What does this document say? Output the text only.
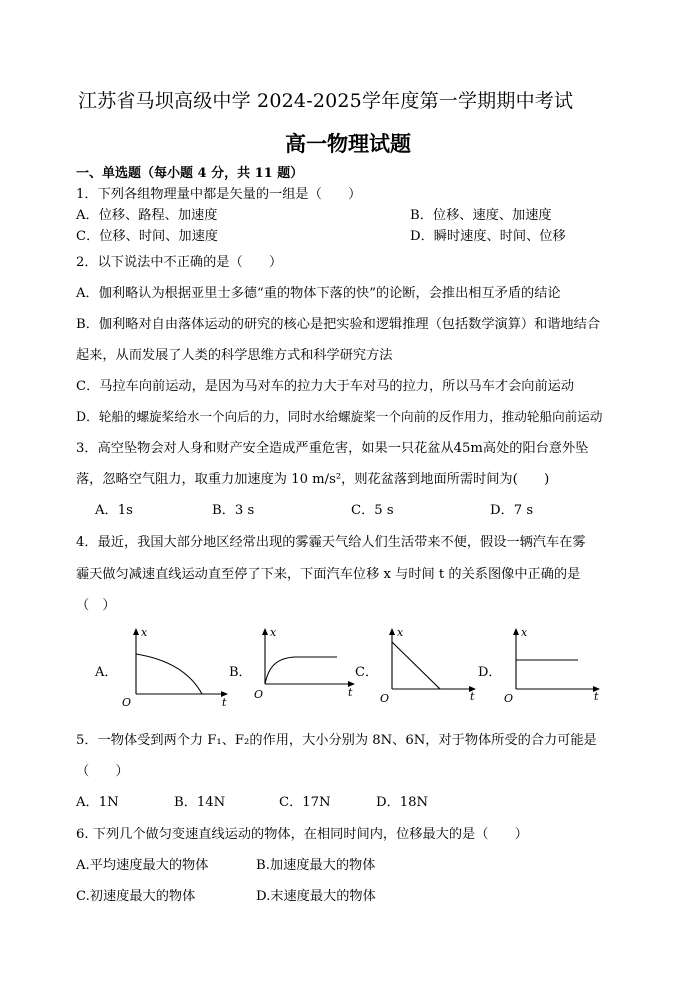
江苏省马坝高级中学 2024-2025学年度第一学期期中考试
高一物理试题
一、单选题（每小题 4 分，共 11 题）
1．下列各组物理量中都是矢量的一组是（　　）
A．位移、路程、加速度	B．位移、速度、加速度
C．位移、时间、加速度	D．瞬时速度、时间、位移
2．以下说法中不正确的是（　　）
A．伽利略认为根据亚里士多德“重的物体下落的快”的论断，会推出相互矛盾的结论
B．伽利略对自由落体运动的研究的核心是把实验和逻辑推理（包括数学演算）和谐地结合
起来，从而发展了人类的科学思维方式和科学研究方法
C．马拉车向前运动，是因为马对车的拉力大于车对马的拉力，所以马车才会向前运动
D．轮船的螺旋桨给水一个向后的力，同时水给螺旋桨一个向前的反作用力，推动轮船向前运动
3．高空坠物会对人身和财产安全造成严重危害，如果一只花盆从45m高处的阳台意外坠
落，忽略空气阻力，取重力加速度为 10 m/s²，则花盆落到地面所需时间为(　　)
A．1s	B．3 s	C．5 s	D．7 s
4．最近，我国大部分地区经常出现的雾霾天气给人们生活带来不便，假设一辆汽车在雾
霾天做匀减速直线运动直至停了下来，下面汽车位移 x 与时间 t 的关系图像中正确的是
（　）
A．	B．	C．	D．
x
t
O
x
t
O
x
t
O
x
t
O
5．一物体受到两个力 F₁、F₂的作用，大小分别为 8N、6N，对于物体所受的合力可能是
（　　）
A．1N	B．14N	C．17N	D．18N
6. 下列几个做匀变速直线运动的物体，在相同时间内，位移最大的是（　　）
A.平均速度最大的物体	B.加速度最大的物体
C.初速度最大的物体	D.末速度最大的物体
